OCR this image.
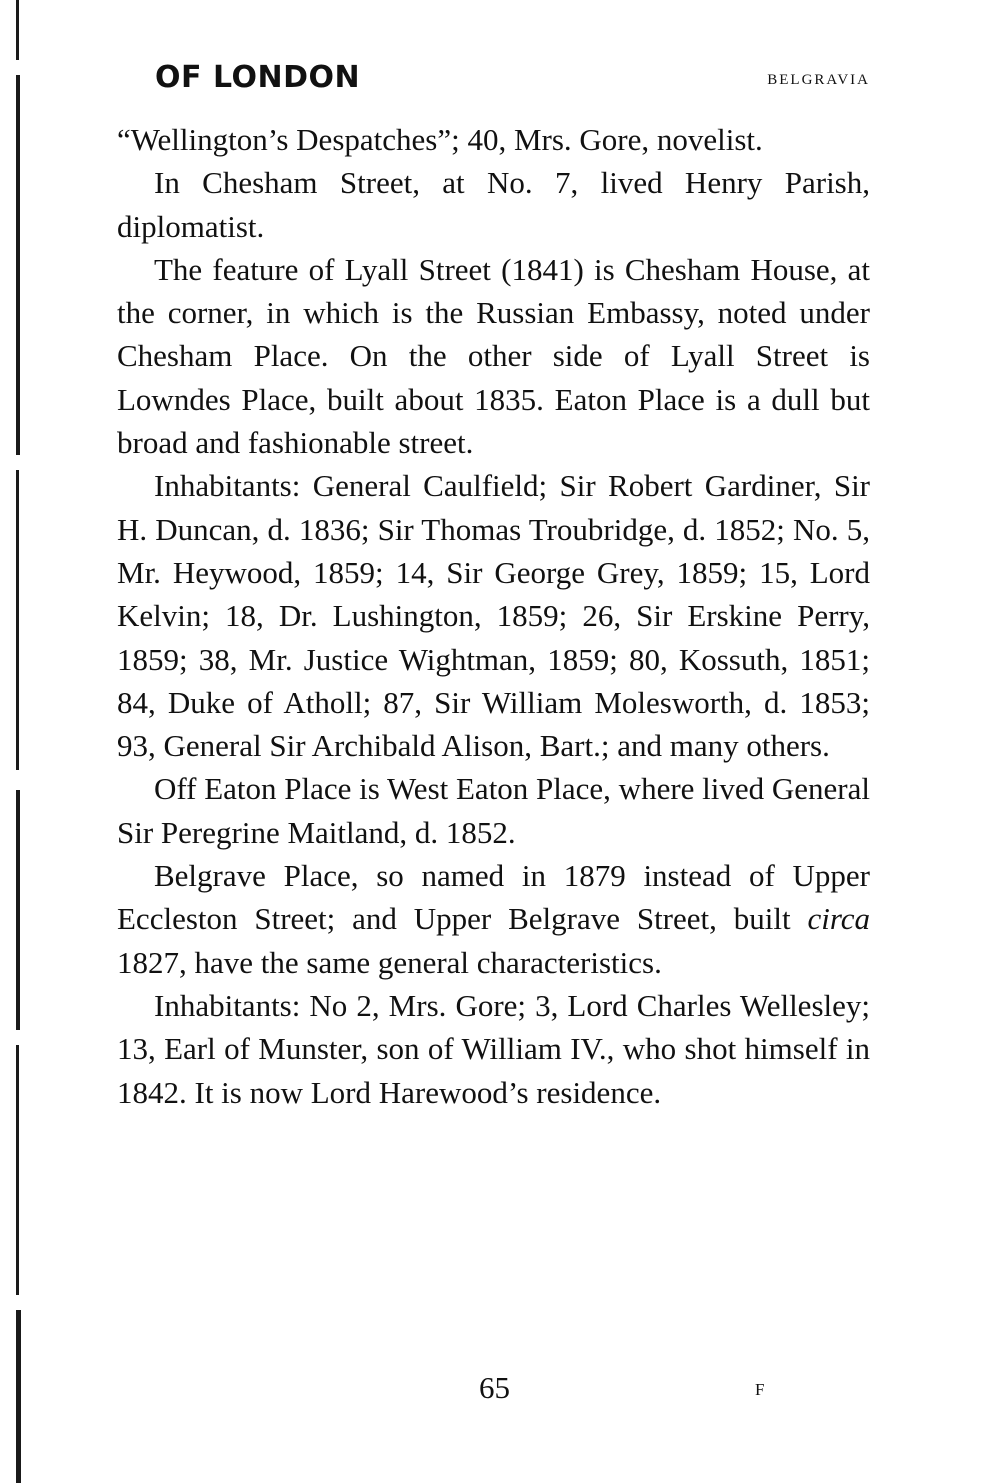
OF LONDON	BELGRAVIA

“Wellington’s Despatches”; 40, Mrs. Gore, novelist.

In Chesham Street, at No. 7, lived Henry Parish, diplomatist.

The feature of Lyall Street (1841) is Chesham House, at the corner, in which is the Russian Embassy, noted under Chesham Place. On the other side of Lyall Street is Lowndes Place, built about 1835. Eaton Place is a dull but broad and fashionable street.

Inhabitants: General Caulfield; Sir Robert Gardiner, Sir H. Duncan, d. 1836; Sir Thomas Troubridge, d. 1852; No. 5, Mr. Heywood, 1859; 14, Sir George Grey, 1859; 15, Lord Kelvin; 18, Dr. Lushington, 1859; 26, Sir Erskine Perry, 1859; 38, Mr. Justice Wightman, 1859; 80, Kossuth, 1851; 84, Duke of Atholl; 87, Sir William Molesworth, d. 1853; 93, General Sir Archibald Alison, Bart.; and many others.

Off Eaton Place is West Eaton Place, where lived General Sir Peregrine Maitland, d. 1852.

Belgrave Place, so named in 1879 instead of Upper Eccleston Street; and Upper Belgrave Street, built circa 1827, have the same general characteristics.

Inhabitants: No 2, Mrs. Gore; 3, Lord Charles Wellesley; 13, Earl of Munster, son of William IV., who shot himself in 1842. It is now Lord Harewood’s residence.

65	F
